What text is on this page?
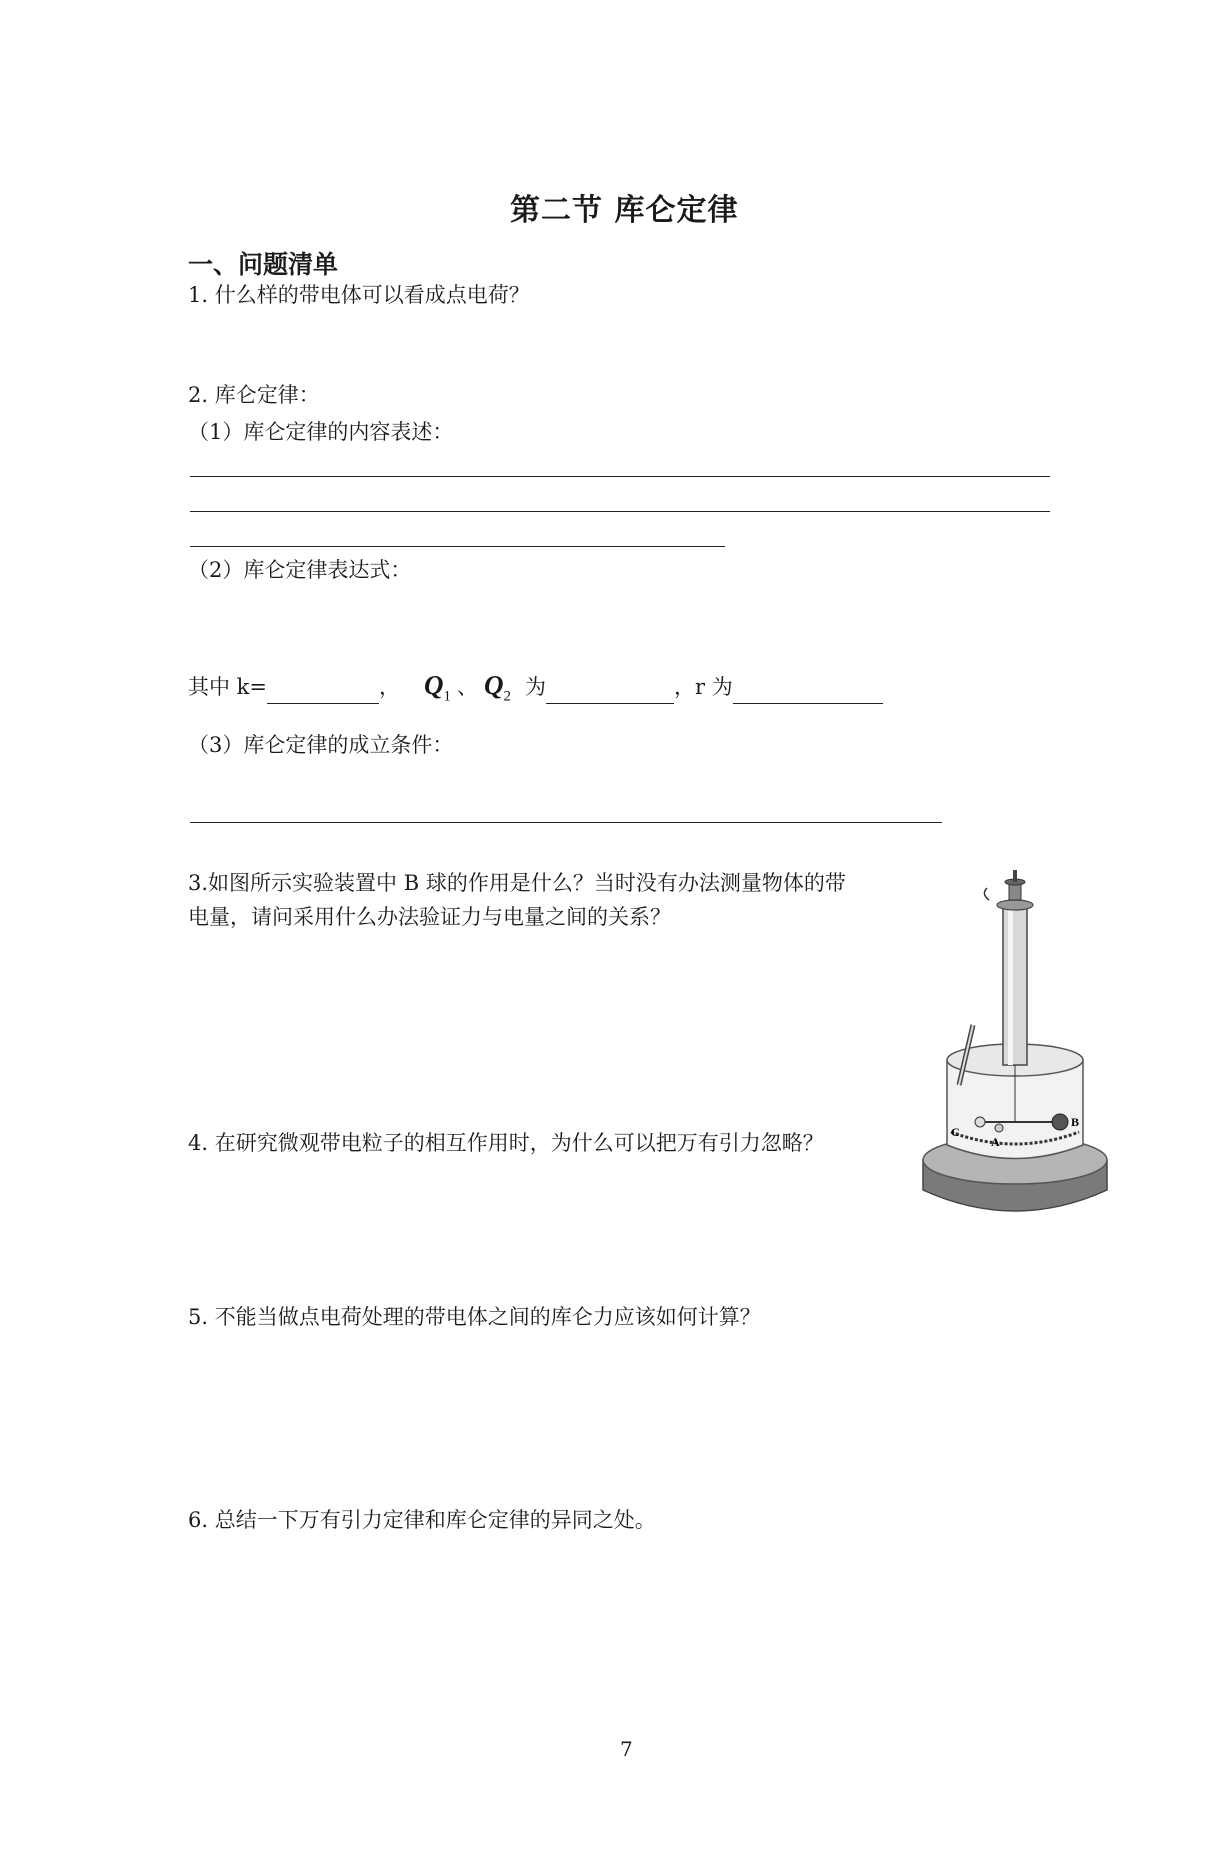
第二节 库仑定律
一、问题清单
1. 什么样的带电体可以看成点电荷？
2. 库仑定律：
（1）库仑定律的内容表述：
（2）库仑定律表达式：
其中 k=	， $Q_1$ 、 $Q_2$ 为	，r 为
（3）库仑定律的成立条件：
3.如图所示实验装置中 B 球的作用是什么？当时没有办法测量物体的带
电量，请问采用什么办法验证力与电量之间的关系？
C
A
B
4. 在研究微观带电粒子的相互作用时，为什么可以把万有引力忽略？
5. 不能当做点电荷处理的带电体之间的库仑力应该如何计算？
6. 总结一下万有引力定律和库仑定律的异同之处。
7
